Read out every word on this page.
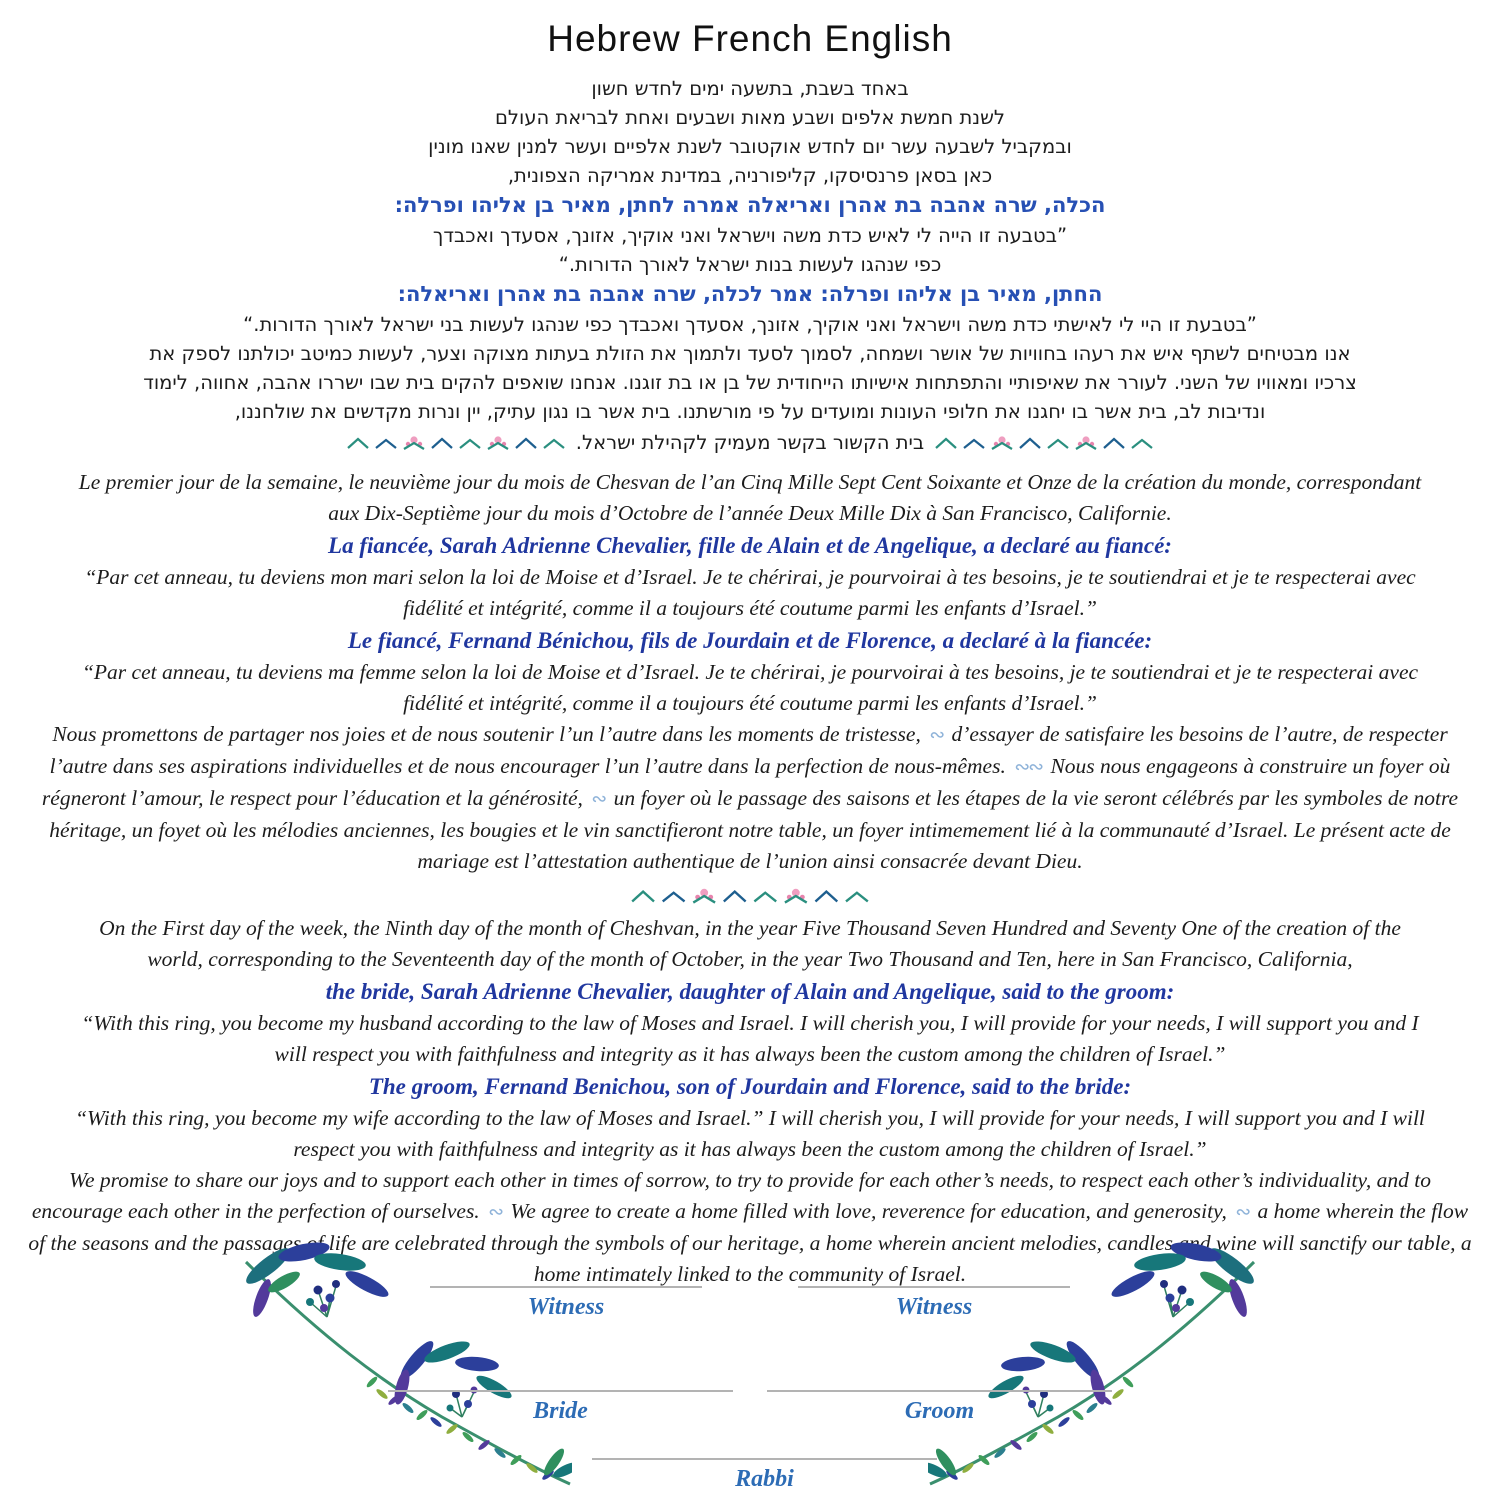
Hebrew French English
באחד בשבת, בתשעה ימים לחדש חשון
לשנת חמשת אלפים ושבע מאות ושבעים ואחת לבריאת העולם
ובמקביל לשבעה עשר יום לחדש אוקטובר לשנת אלפיים ועשר למנין שאנו מונין
כאן בסאן פרנסיסקו, קליפורניה, במדינת אמריקה הצפונית,
הכלה, שרה אהבה בת אהרן ואריאלה אמרה לחתן, מאיר בן אליהו ופרלה:
”בטבעה זו הייה לי לאיש כדת משה וישראל ואני אוקיך, אזונך, אסעדך ואכבדך
כפי שנהגו לעשות בנות ישראל לאורך הדורות.“
החתן, מאיר בן אליהו ופרלה: אמר לכלה, שרה אהבה בת אהרן ואריאלה:
”בטבעת זו היי לי לאישתי כדת משה וישראל ואני אוקיך, אזונך, אסעדך ואכבדך כפי שנהגו לעשות בני ישראל לאורך הדורות.“
אנו מבטיחים לשתף איש את רעהו בחוויות של אושר ושמחה, לסמוך לסעד ולתמוך את הזולת בעתות מצוקה וצער, לעשות כמיטב יכולתנו לספק את
צרכיו ומאוויו של השני. לעורר את שאיפותיי והתפתחות אישיותו הייחודית של בן או בת זוגנו. אנחנו שואפים להקים בית שבו ישררו אהבה, אחווה, לימוד
ונדיבות לב, בית אשר בו יחגנו את חלופי העונות ומועדים על פי מורשתנו. בית אשר בו נגון עתיק, יין ונרות מקדשים את שולחננו,
בית הקשור בקשר מעמיק לקהילת ישראל.

Le premier jour de la semaine, le neuvième jour du mois de Chesvan de l’an Cinq Mille Sept Cent Soixante et Onze de la création du monde, correspondant aux Dix-Septième jour du mois d’Octobre de l’année Deux Mille Dix à San Francisco, Californie.

La fiancée, Sarah Adrienne Chevalier, fille de Alain et de Angelique, a declaré au fiancé:

“Par cet anneau, tu deviens mon mari selon la loi de Moise et d’Israel. Je te chérirai, je pourvoirai à tes besoins, je te soutiendrai et je te respecterai avec fidélité et intégrité, comme il a toujours été coutume parmi les enfants d’Israel.”

Le fiancé, Fernand Bénichou, fils de Jourdain et de Florence, a declaré à la fiancée:

“Par cet anneau, tu deviens ma femme selon la loi de Moise et d’Israel. Je te chérirai, je pourvoirai à tes besoins, je te soutiendrai et je te respecterai avec fidélité et intégrité, comme il a toujours été coutume parmi les enfants d’Israel.”

Nous promettons de partager nos joies et de nous soutenir l’un l’autre dans les moments de tristesse, ∾ d’essayer de satisfaire les besoins de l’autre, de respecter l’autre dans ses aspirations individuelles et de nous encourager l’un l’autre dans la perfection de nous-mêmes. ∾∾ Nous nous engageons à construire un foyer où régneront l’amour, le respect pour l’éducation et la générosité, ∾ un foyer où le passage des saisons et les étapes de la vie seront célébrés par les symboles de notre héritage, un foyet où les mélodies anciennes, les bougies et le vin sanctifieront notre table, un foyer intimemement lié à la communauté d’Israel. Le présent acte de mariage est l’attestation authentique de l’union ainsi consacrée devant Dieu.

On the First day of the week, the Ninth day of the month of Cheshvan, in the year Five Thousand Seven Hundred and Seventy One of the creation of the world, corresponding to the Seventeenth day of the month of October, in the year Two Thousand and Ten, here in San Francisco, California,

the bride, Sarah Adrienne Chevalier, daughter of Alain and Angelique, said to the groom:

“With this ring, you become my husband according to the law of Moses and Israel. I will cherish you, I will provide for your needs, I will support you and I will respect you with faithfulness and integrity as it has always been the custom among the children of Israel.”

The groom, Fernand Benichou, son of Jourdain and Florence, said to the bride:

“With this ring, you become my wife according to the law of Moses and Israel.” I will cherish you, I will provide for your needs, I will support you and I will respect you with faithfulness and integrity as it has always been the custom among the children of Israel.”

We promise to share our joys and to support each other in times of sorrow, to try to provide for each other’s needs, to respect each other’s individuality, and to encourage each other in the perfection of ourselves. ∾ We agree to create a home filled with love, reverence for education, and generosity, ∾ a home wherein the flow of the seasons and the passages of life are celebrated through the symbols of our heritage, a home wherein ancient melodies, candles and wine will sanctify our table, a home intimately linked to the community of Israel.

Witness	Witness
Bride	Groom
Rabbi
